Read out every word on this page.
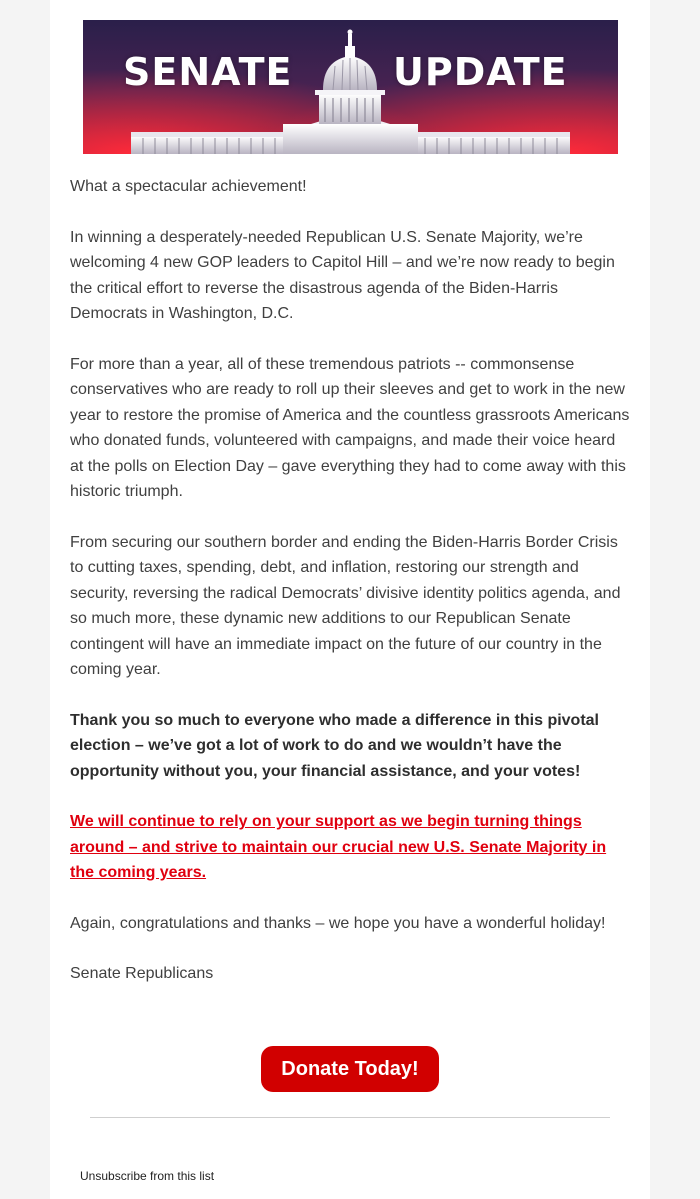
SENATE	UPDATE

What a spectacular achievement!

In winning a desperately-needed Republican U.S. Senate Majority, we’re welcoming 4 new GOP leaders to Capitol Hill – and we’re now ready to begin the critical effort to reverse the disastrous agenda of the Biden-Harris Democrats in Washington, D.C.

For more than a year, all of these tremendous patriots -- commonsense conservatives who are ready to roll up their sleeves and get to work in the new year to restore the promise of America and the countless grassroots Americans who donated funds, volunteered with campaigns, and made their voice heard at the polls on Election Day – gave everything they had to come away with this historic triumph.

From securing our southern border and ending the Biden-Harris Border Crisis to cutting taxes, spending, debt, and inflation, restoring our strength and security, reversing the radical Democrats’ divisive identity politics agenda, and so much more, these dynamic new additions to our Republican Senate contingent will have an immediate impact on the future of our country in the coming year.

Thank you so much to everyone who made a difference in this pivotal election – we’ve got a lot of work to do and we wouldn’t have the opportunity without you, your financial assistance, and your votes!

We will continue to rely on your support as we begin turning things around – and strive to maintain our crucial new U.S. Senate Majority in the coming years.

Again, congratulations and thanks – we hope you have a wonderful holiday!

Senate Republicans

Donate Today!
Unsubscribe from this list
